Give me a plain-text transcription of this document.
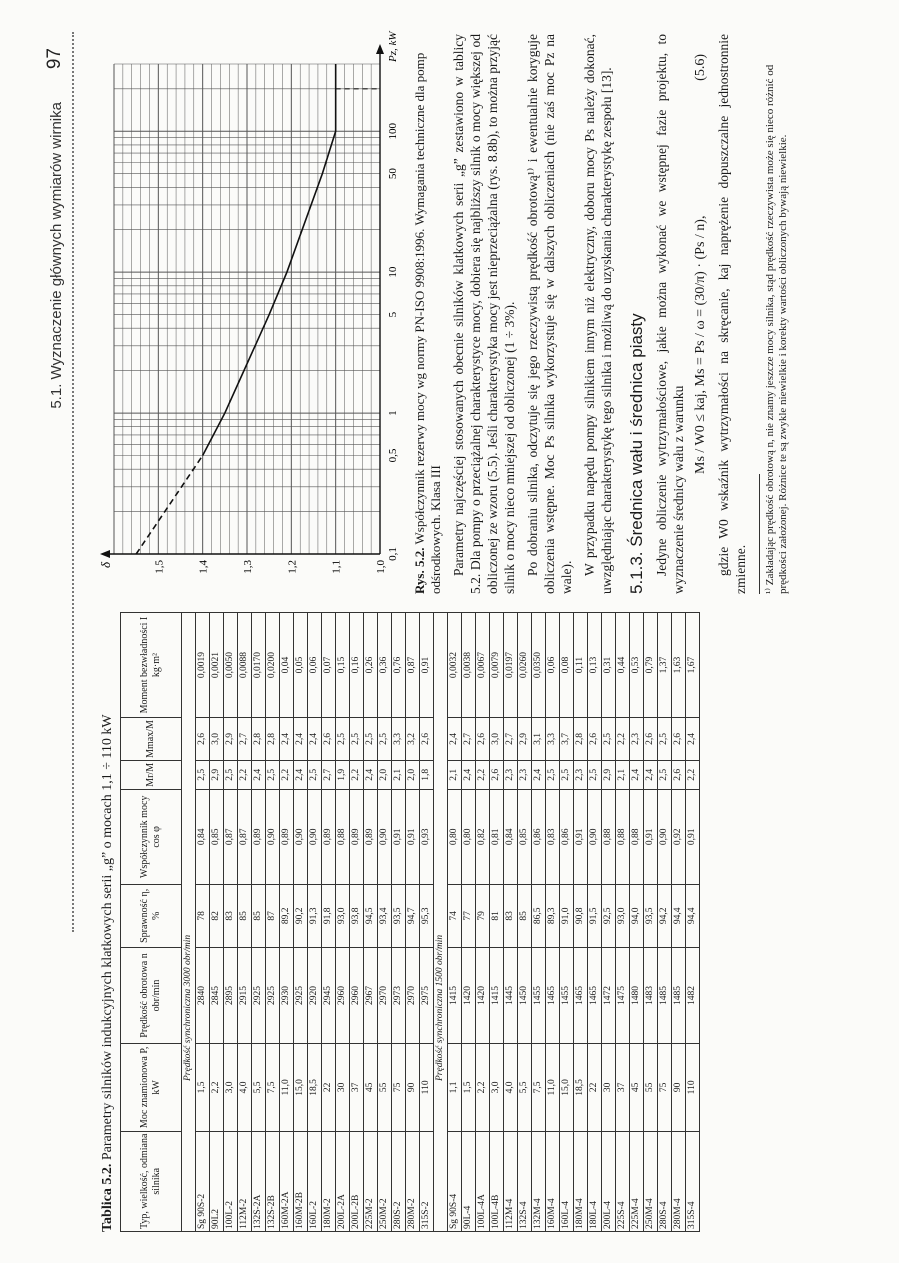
5.1. Wyznaczenie głównych wymiarów wirnika
97
Tablica 5.2. Parametry silników indukcyjnych klatkowych serii „g” o mocach 1,1 ÷ 110 kW
Typ, wielkość, odmiana silnika	Moc znamionowa P, kW	Prędkość obrotowa n obr/min	Sprawność η, %	Współczynnik mocy cos φ	Mr/M	Mmax/M	Moment bezwładności I kg·m²
Prędkość synchroniczna 3000 obr/min							
Sg 90S-2	1,5	2840	78	0,84	2,5	2,6	0,0019
90L2	2,2	2845	82	0,85	2,9	3,0	0,0021
100L-2	3,0	2895	83	0,87	2,5	2,9	0,0050
112M-2	4,0	2915	85	0,87	2,2	2,7	0,0088
132S-2A	5,5	2925	85	0,89	2,4	2,8	0,0170
132S-2B	7,5	2925	87	0,90	2,5	2,8	0,0200
160M-2A	11,0	2930	89,2	0,89	2,2	2,4	0,04
160M-2B	15,0	2925	90,2	0,90	2,4	2,4	0,05
160L-2	18,5	2920	91,3	0,90	2,5	2,4	0,06
180M-2	22	2945	91,8	0,89	2,7	2,6	0,07
200L-2A	30	2960	93,0	0,88	1,9	2,5	0,15
200L-2B	37	2960	93,8	0,89	2,2	2,5	0,16
225M-2	45	2967	94,5	0,89	2,4	2,5	0,26
250M-2	55	2970	93,4	0,90	2,0	2,5	0,36
280S-2	75	2973	93,5	0,91	2,1	3,3	0,76
280M-2	90	2970	94,7	0,91	2,0	3,2	0,87
315S-2	110	2975	95,3	0,93	1,8	2,6	0,91
Prędkość synchroniczna 1500 obr/min							
Sg 90S-4	1,1	1415	74	0,80	2,1	2,4	0,0032
90L-4	1,5	1420	77	0,80	2,4	2,7	0,0038
100L-4A	2,2	1420	79	0,82	2,2	2,6	0,0067
100L-4B	3,0	1415	81	0,81	2,6	3,0	0,0079
112M-4	4,0	1445	83	0,84	2,3	2,7	0,0197
132S-4	5,5	1450	85	0,85	2,3	2,9	0,0260
132M-4	7,5	1455	86,5	0,86	2,4	3,1	0,0350
160M-4	11,0	1465	89,3	0,83	2,5	3,3	0,06
160L-4	15,0	1455	91,0	0,86	2,5	3,7	0,08
180M-4	18,5	1465	90,8	0,91	2,3	2,8	0,11
180L-4	22	1465	91,5	0,90	2,5	2,6	0,13
200L-4	30	1472	92,5	0,88	2,9	2,5	0,31
225S-4	37	1475	93,0	0,88	2,1	2,2	0,44
225M-4	45	1480	94,0	0,88	2,4	2,3	0,53
250M-4	55	1483	93,5	0,91	2,4	2,6	0,79
280S-4	75	1485	94,2	0,90	2,5	2,5	1,37
280M-4	90	1485	94,4	0,92	2,6	2,6	1,63
315S-4	110	1482	94,4	0,91	2,2	2,4	1,67
0,1
0,5
1
5
10
50
100
1,0
1,1
1,2
1,3
1,4
1,5
δ
Pz, kW
Rys. 5.2. Współczynnik rezerwy mocy wg normy PN-ISO 9908:1996. Wymagania techniczne dla pomp odśrodkowych. Klasa III Parametry najczęściej stosowanych obecnie silników klatkowych serii „g” zestawiono w tablicy 5.2. Dla pompy o przeciążalnej charakterystyce mocy, dobiera się najbliższy silnik o mocy większej od obliczonej ze wzoru (5.5). Jeśli charakterystyka mocy jest nieprzeciążalna (rys. 8.8b), to można przyjąć silnik o mocy nieco mniejszej od obliczonej (1 ÷ 3%). Po dobraniu silnika, odczytuje się jego rzeczywistą prędkość obrotową¹⁾ i ewentualnie koryguje obliczenia wstępne. Moc Ps silnika wykorzystuje się w dalszych obliczeniach (nie zaś moc Pz na wale).

W przypadku napędu pompy silnikiem innym niż elektryczny, doboru mocy Ps należy dokonać, uwzględniając charakterystykę tego silnika i możliwą do uzyskania charakterystykę zespołu [13]. 5.1.3. Średnica wału i średnica piasty Jedyne obliczenie wytrzymałościowe, jakie można wykonać we wstępnej fazie projektu, to wyznaczenie średnicy wału z warunku

Ms / W0 ≤ kaj, Ms = Ps / ω = (30/π) · (Ps / n),
(5.6) gdzie W0 wskaźnik wytrzymałości na skręcanie, kaj naprężenie dopuszczalne jednostronnie zmienne. ¹⁾ Zakładając prędkość obrotową n, nie znamy jeszcze mocy silnika, stąd prędkość rzeczywista może się nieco różnić od prędkości założonej. Różnice te są zwykle niewielkie i korekty wartości obliczonych bywają niewielkie.
